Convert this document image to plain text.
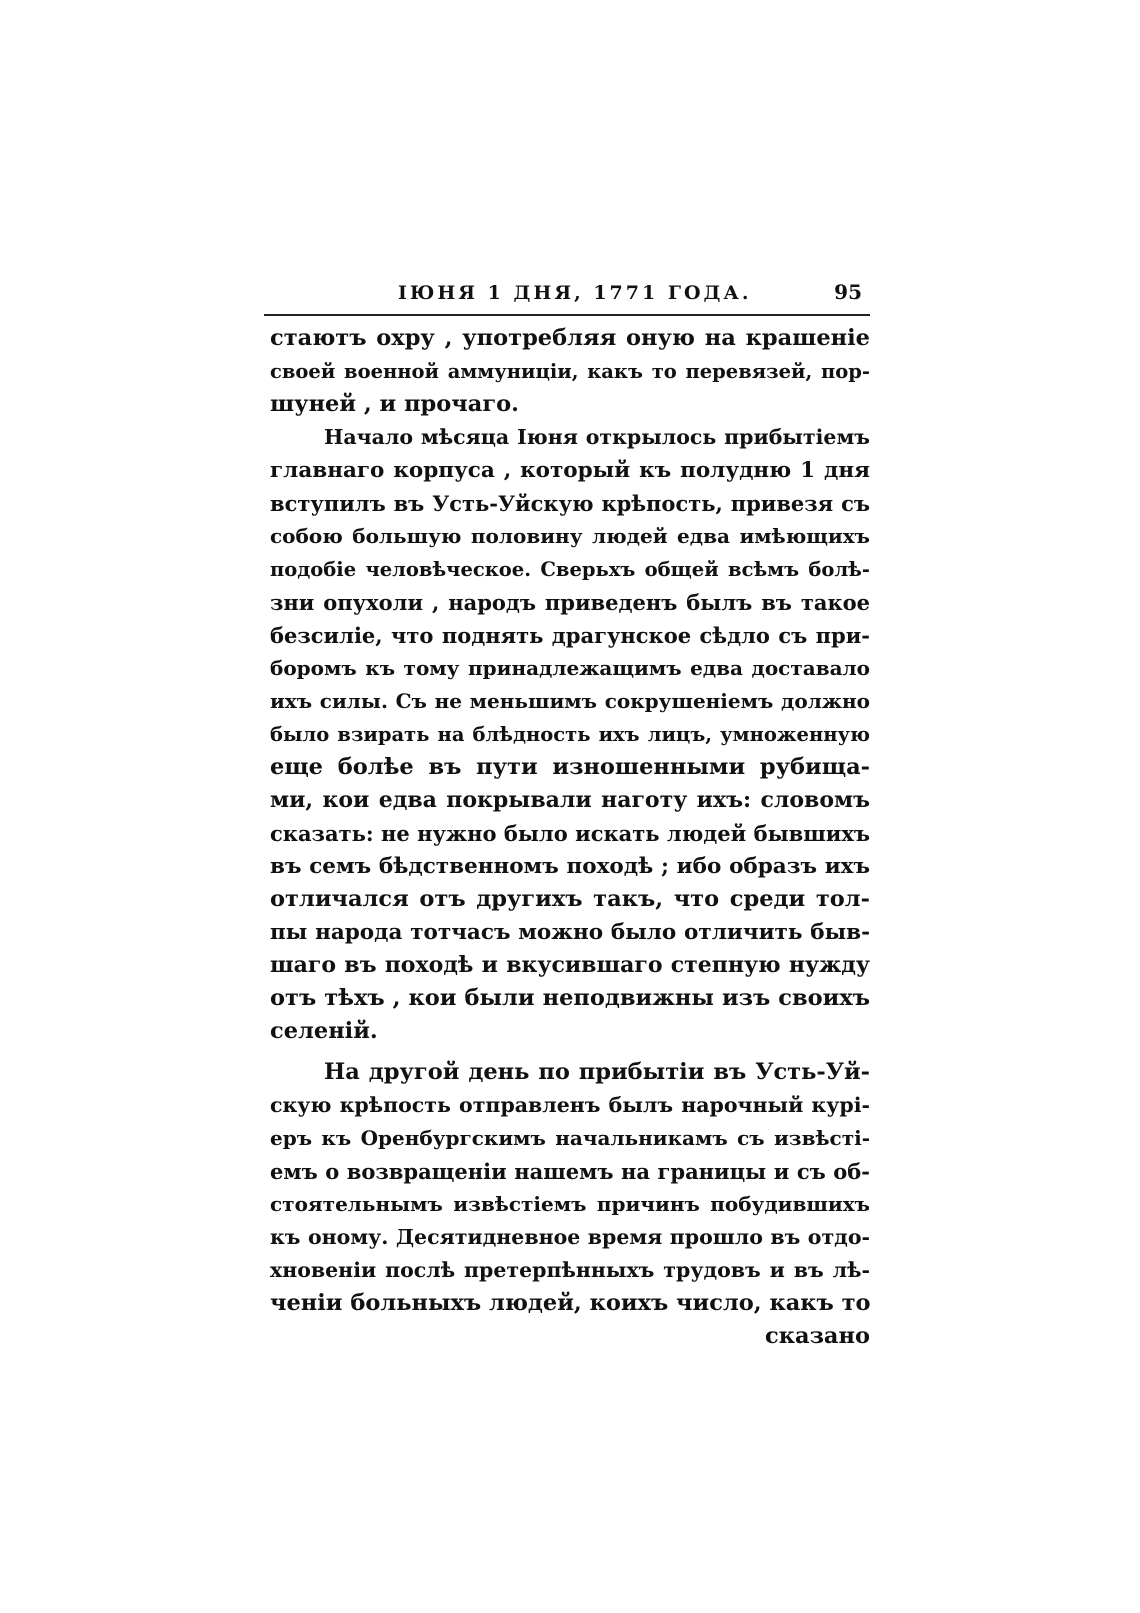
ІЮНЯ 1 ДНЯ, 1771 ГОДА.	95
стаютъ охру , употребляя оную на крашеніе
своей военной аммуниціи, какъ то перевязей, пор-
шуней , и прочаго.
Начало мѣсяца Іюня открылось прибытіемъ
главнаго корпуса , который къ полудню 1 дня
вступилъ въ Усть-Уйскую крѣпость, привезя съ
собою большую половину людей едва имѣющихъ
подобіе человѣческое. Сверьхъ общей всѣмъ болѣ-
зни опухоли , народъ приведенъ былъ въ такое
безсиліе, что поднять драгунское сѣдло съ при-
боромъ къ тому принадлежащимъ едва доставало
ихъ силы. Съ не меньшимъ сокрушеніемъ должно
было взирать на блѣдность ихъ лицъ, умноженную
еще болѣе въ пути изношенными рубища-
ми, кои едва покрывали наготу ихъ: словомъ
сказать: не нужно было искать людей бывшихъ
въ семъ бѣдственномъ походѣ ; ибо образъ ихъ
отличался отъ другихъ такъ, что среди тол-
пы народа тотчасъ можно было отличить быв-
шаго въ походѣ и вкусившаго степную нужду
отъ тѣхъ , кои были неподвижны изъ своихъ
селеній.
На другой день по прибытіи въ Усть-Уй-
скую крѣпость отправленъ былъ нарочный курі-
еръ къ Оренбургскимъ начальникамъ съ извѣсті-
емъ о возвращеніи нашемъ на границы и съ об-
стоятельнымъ извѣстіемъ причинъ побудившихъ
къ оному. Десятидневное время прошло въ отдо-
хновеніи послѣ претерпѣнныхъ трудовъ и въ лѣ-
ченіи больныхъ людей, коихъ число, какъ то
сказано
